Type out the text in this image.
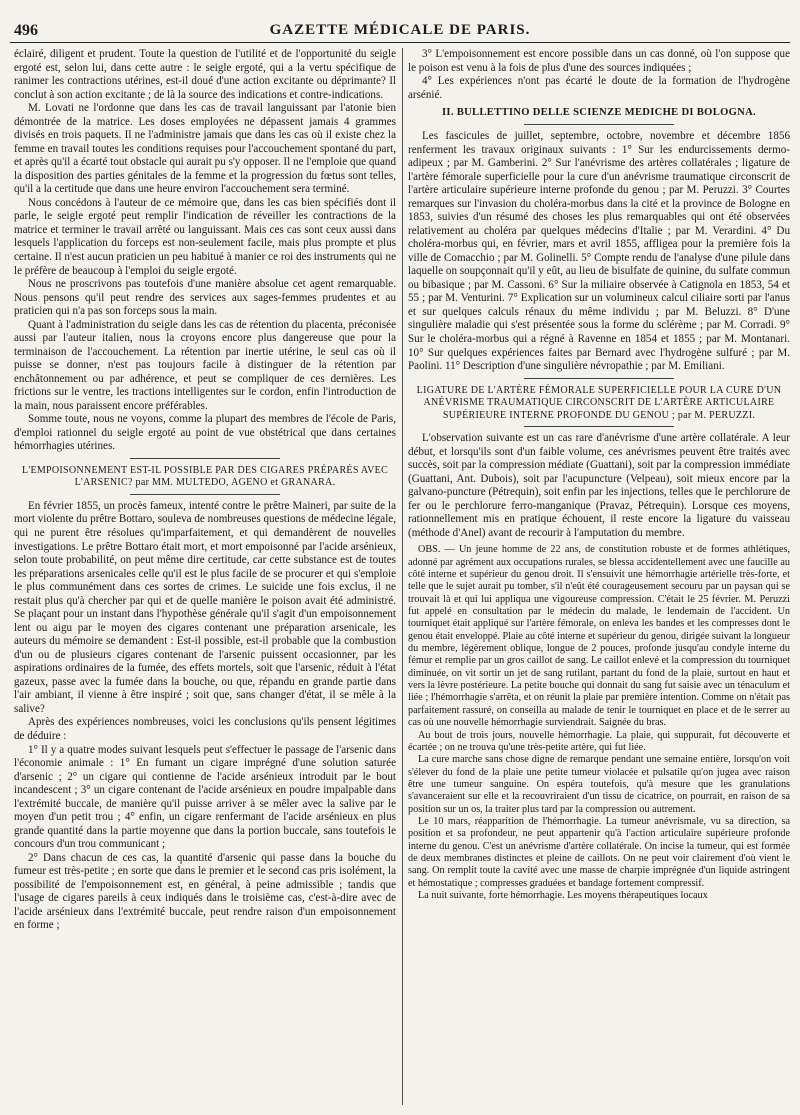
496	GAZETTE MÉDICALE DE PARIS.

éclairé, diligent et prudent. Toute la question de l'utilité et de l'opportunité du seigle ergoté est, selon lui, dans cette autre : le seigle ergoté, qui a la vertu spécifique de ranimer les contractions utérines, est-il doué d'une action excitante ou déprimante? Il conclut à son action excitante ; de là la source des indications et contre-indications.

M. Lovati ne l'ordonne que dans les cas de travail languissant par l'atonie bien démontrée de la matrice. Les doses employées ne dépassent jamais 4 grammes divisés en trois paquets. Il ne l'administre jamais que dans les cas où il existe chez la femme en travail toutes les conditions requises pour l'accouchement spontané du part, et après qu'il a écarté tout obstacle qui aurait pu s'y opposer. Il ne l'emploie que quand la disposition des parties génitales de la femme et la progression du fœtus sont telles, qu'il a la certitude que dans une heure environ l'accouchement sera terminé.

Nous concédons à l'auteur de ce mémoire que, dans les cas bien spécifiés dont il parle, le seigle ergoté peut remplir l'indication de réveiller les contractions de la matrice et terminer le travail arrêté ou languissant. Mais ces cas sont ceux aussi dans lesquels l'application du forceps est non-seulement facile, mais plus prompte et plus certaine. Il n'est aucun praticien un peu habitué à manier ce roi des instruments qui ne le préfère de beaucoup à l'emploi du seigle ergoté.

Nous ne proscrivons pas toutefois d'une manière absolue cet agent remarquable. Nous pensons qu'il peut rendre des services aux sages-femmes prudentes et au praticien qui n'a pas son forceps sous la main.

Quant à l'administration du seigle dans les cas de rétention du placenta, préconisée aussi par l'auteur italien, nous la croyons encore plus dangereuse que pour la terminaison de l'accouchement. La rétention par inertie utérine, le seul cas où il puisse se donner, n'est pas toujours facile à distinguer de la rétention par enchâtonnement ou par adhérence, et peut se compliquer de ces dernières. Les frictions sur le ventre, les tractions intelligentes sur le cordon, enfin l'introduction de la main, nous paraissent encore préférables.

Somme toute, nous ne voyons, comme la plupart des membres de l'école de Paris, d'emploi rationnel du seigle ergoté au point de vue obstétrical que dans certaines hémorrhagies utérines.

L'EMPOISONNEMENT EST-IL POSSIBLE PAR DES CIGARES PRÉPARÉS AVEC L'ARSENIC? par MM. MULTEDO, AGENO et GRANARA.

En février 1855, un procès fameux, intenté contre le prêtre Maineri, par suite de la mort violente du prêtre Bottaro, souleva de nombreuses questions de médecine légale, qui ne purent être résolues qu'imparfaitement, et qui demandèrent de nouvelles investigations. Le prêtre Bottaro était mort, et mort empoisonné par l'acide arsénieux, selon toute probabilité, on peut même dire certitude, car cette substance est de toutes les préparations arsenicales celle qu'il est le plus facile de se procurer et qui s'emploie le plus communément dans ces sortes de crimes. Le suicide une fois exclus, il ne restait plus qu'à chercher par qui et de quelle manière le poison avait été administré. Se plaçant pour un instant dans l'hypothèse générale qu'il s'agit d'un empoisonnement lent ou aigu par le moyen des cigares contenant une préparation arsenicale, les auteurs du mémoire se demandent : Est-il possible, est-il probable que la combustion d'un ou de plusieurs cigares contenant de l'arsenic puissent occasionner, par les aspirations ordinaires de la fumée, des effets mortels, soit que l'arsenic, réduit à l'état gazeux, passe avec la fumée dans la bouche, ou que, répandu en grande partie dans l'air ambiant, il vienne à être inspiré ; soit que, sans changer d'état, il se mêle à la salive?

Après des expériences nombreuses, voici les conclusions qu'ils pensent légitimes de déduire :

1° Il y a quatre modes suivant lesquels peut s'effectuer le passage de l'arsenic dans l'économie animale : 1° En fumant un cigare imprégné d'une solution saturée d'arsenic ; 2° un cigare qui contienne de l'acide arsénieux introduit par le bout incandescent ; 3° un cigare contenant de l'acide arsénieux en poudre impalpable dans l'extrémité buccale, de manière qu'il puisse arriver à se mêler avec la salive par le moyen d'un petit trou ; 4° enfin, un cigare renfermant de l'acide arsénieux en plus grande quantité dans la partie moyenne que dans la portion buccale, sans toutefois le concours d'un trou communicant ;

2° Dans chacun de ces cas, la quantité d'arsenic qui passe dans la bouche du fumeur est très-petite ; en sorte que dans le premier et le second cas pris isolément, la possibilité de l'empoisonnement est, en général, à peine admissible ; tandis que l'usage de cigares pareils à ceux indiqués dans le troisième cas, c'est-à-dire avec de l'acide arsénieux dans l'extrémité buccale, peut rendre raison d'un empoisonnement en forme ;

3° L'empoisonnement est encore possible dans un cas donné, où l'on suppose que le poison est venu à la fois de plus d'une des sources indiquées ;

4° Les expériences n'ont pas écarté le doute de la formation de l'hydrogène arsénié.

II. BULLETTINO DELLE SCIENZE MEDICHE DI BOLOGNA.

Les fascicules de juillet, septembre, octobre, novembre et décembre 1856 renferment les travaux originaux suivants : 1° Sur les endurcissements dermo-adipeux ; par M. Gamberini. 2° Sur l'anévrisme des artères collatérales ; ligature de l'artère fémorale superficielle pour la cure d'un anévrisme traumatique circonscrit de l'artère articulaire supérieure interne profonde du genou ; par M. Peruzzi. 3° Courtes remarques sur l'invasion du choléra-morbus dans la cité et la province de Bologne en 1853, suivies d'un résumé des choses les plus remarquables qui ont été observées relativement au choléra par quelques médecins d'Italie ; par M. Verardini. 4° Du choléra-morbus qui, en février, mars et avril 1855, affligea pour la première fois la ville de Comacchio ; par M. Golinelli. 5° Compte rendu de l'analyse d'une pilule dans laquelle on soupçonnait qu'il y eût, au lieu de bisulfate de quinine, du sulfate commun ou bibasique ; par M. Cassoni. 6° Sur la miliaire observée à Catignola en 1853, 54 et 55 ; par M. Venturini. 7° Explication sur un volumineux calcul ciliaire sorti par l'anus et sur quelques calculs rénaux du même individu ; par M. Beluzzi. 8° D'une singulière maladie qui s'est présentée sous la forme du sclérème ; par M. Corradi. 9° Sur le choléra-morbus qui a régné à Ravenne en 1854 et 1855 ; par M. Montanari. 10° Sur quelques expériences faites par Bernard avec l'hydrogène sulfuré ; par M. Paolini. 11° Description d'une singulière névropathie ; par M. Emiliani.

LIGATURE DE L'ARTÈRE FÉMORALE SUPERFICIELLE POUR LA CURE D'UN ANÉVRISME TRAUMATIQUE CIRCONSCRIT DE L'ARTÈRE ARTICULAIRE SUPÉRIEURE INTERNE PROFONDE DU GENOU ; par M. PERUZZI.

L'observation suivante est un cas rare d'anévrisme d'une artère collatérale. A leur début, et lorsqu'ils sont d'un faible volume, ces anévrismes peuvent être traités avec succès, soit par la compression médiate (Guattani), soit par la compression immédiate (Guattani, Ant. Dubois), soit par l'acupuncture (Velpeau), soit mieux encore par la galvano-puncture (Pétrequin), soit enfin par les injections, telles que le perchlorure de fer ou le perchlorure ferro-manganique (Pravaz, Pétrequin). Lorsque ces moyens, rationnellement mis en pratique échouent, il reste encore la ligature du vaisseau (méthode d'Anel) avant de recourir à l'amputation du membre.

OBS. — Un jeune homme de 22 ans, de constitution robuste et de formes athlétiques, adonné par agrément aux occupations rurales, se blessa accidentellement avec une faucille au côté interne et supérieur du genou droit. Il s'ensuivit une hémorrhagie artérielle très-forte, et telle que le sujet aurait pu tomber, s'il n'eût été courageusement secouru par un paysan qui se trouvait là et qui lui appliqua une vigoureuse compression. C'était le 25 février. M. Peruzzi fut appelé en consultation par le médecin du malade, le lendemain de l'accident. Un tourniquet était appliqué sur l'artère fémorale, on enleva les bandes et les compresses dont le genou était enveloppé. Plaie au côté interne et supérieur du genou, dirigée suivant la longueur du membre, légèrement oblique, longue de 2 pouces, profonde jusqu'au condyle interne du fémur et remplie par un gros caillot de sang. Le caillot enlevé et la compression du tourniquet diminuée, on vit sortir un jet de sang rutilant, partant du fond de la plaie, surtout en haut et vers la lèvre postérieure. La petite bouche qui donnait du sang fut saisie avec un ténaculum et liée ; l'hémorrhagie s'arrêta, et on réunit la plaie par première intention. Comme on n'était pas parfaitement rassuré, on conseilla au malade de tenir le tourniquet en place et de le serrer au cas où une nouvelle hémorrhagie surviendrait. Saignée du bras.

Au bout de trois jours, nouvelle hémorrhagie. La plaie, qui suppurait, fut découverte et écartée ; on ne trouva qu'une très-petite artère, qui fut liée.

La cure marche sans chose digne de remarque pendant une semaine entière, lorsqu'on voit s'élever du fond de la plaie une petite tumeur violacée et pulsatile qu'on jugea avec raison être une tumeur sanguine. On espéra toutefois, qu'à mesure que les granulations s'avanceraient sur elle et la recouvriraient d'un tissu de cicatrice, on pourrait, en raison de sa position sur un os, la traiter plus tard par la compression ou autrement.

Le 10 mars, réapparition de l'hémorrhagie. La tumeur anévrismale, vu sa direction, sa position et sa profondeur, ne peut appartenir qu'à l'action articulaire supérieure profonde interne du genou. C'est un anévrisme d'artère collatérale. On incise la tumeur, qui est formée de deux membranes distinctes et pleine de caillots. On ne peut voir clairement d'où vient le sang. On remplit toute la cavité avec une masse de charpie imprégnée d'un liquide astringent et hémostatique ; compresses graduées et bandage fortement compressif.

La nuit suivante, forte hémorrhagie. Les moyens thérapeutiques locaux
